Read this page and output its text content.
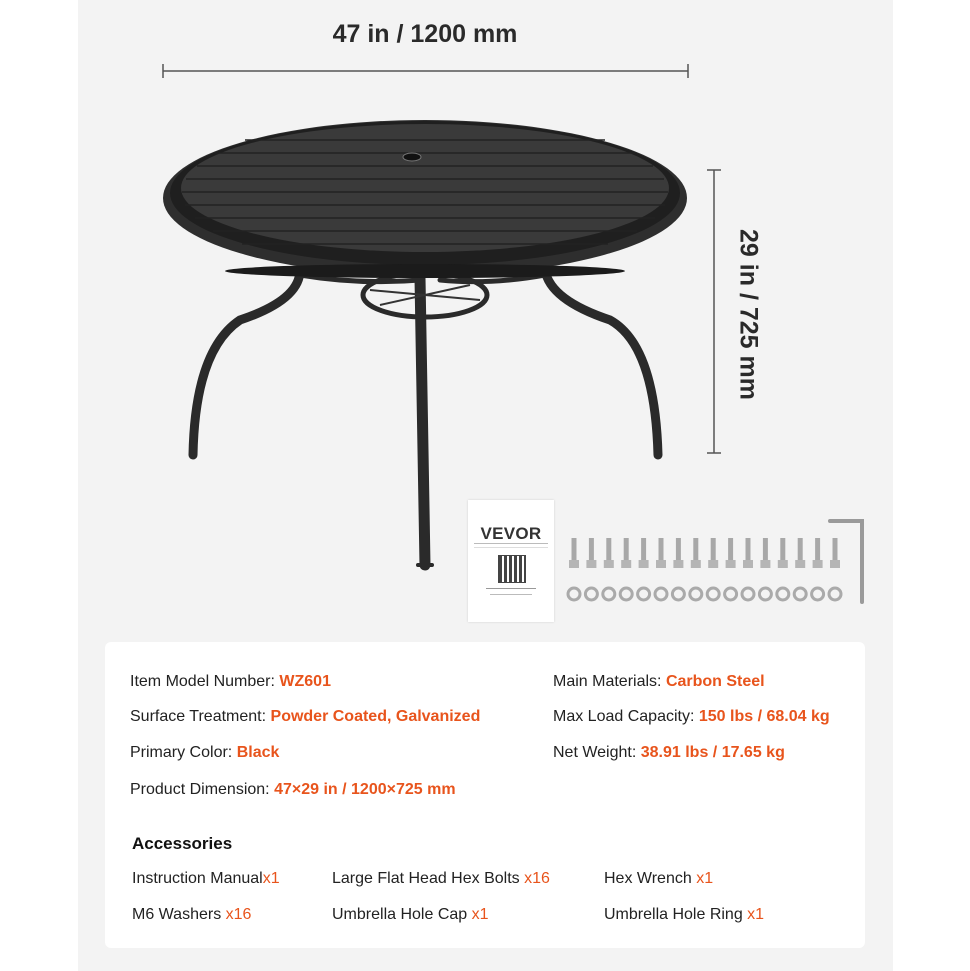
47 in / 1200 mm
29 in / 725 mm
VEVOR
Item Model Number: WZ601
Surface Treatment: Powder Coated, Galvanized
Primary Color: Black
Product Dimension: 47×29 in / 1200×725 mm
Main Materials: Carbon Steel
Max Load Capacity: 150 lbs / 68.04 kg
Net Weight: 38.91 lbs / 17.65 kg
Accessories
Instruction Manualx1	Large Flat Head Hex Bolts x16	Hex Wrench x1
M6 Washers x16	Umbrella Hole Cap x1	Umbrella Hole Ring x1
